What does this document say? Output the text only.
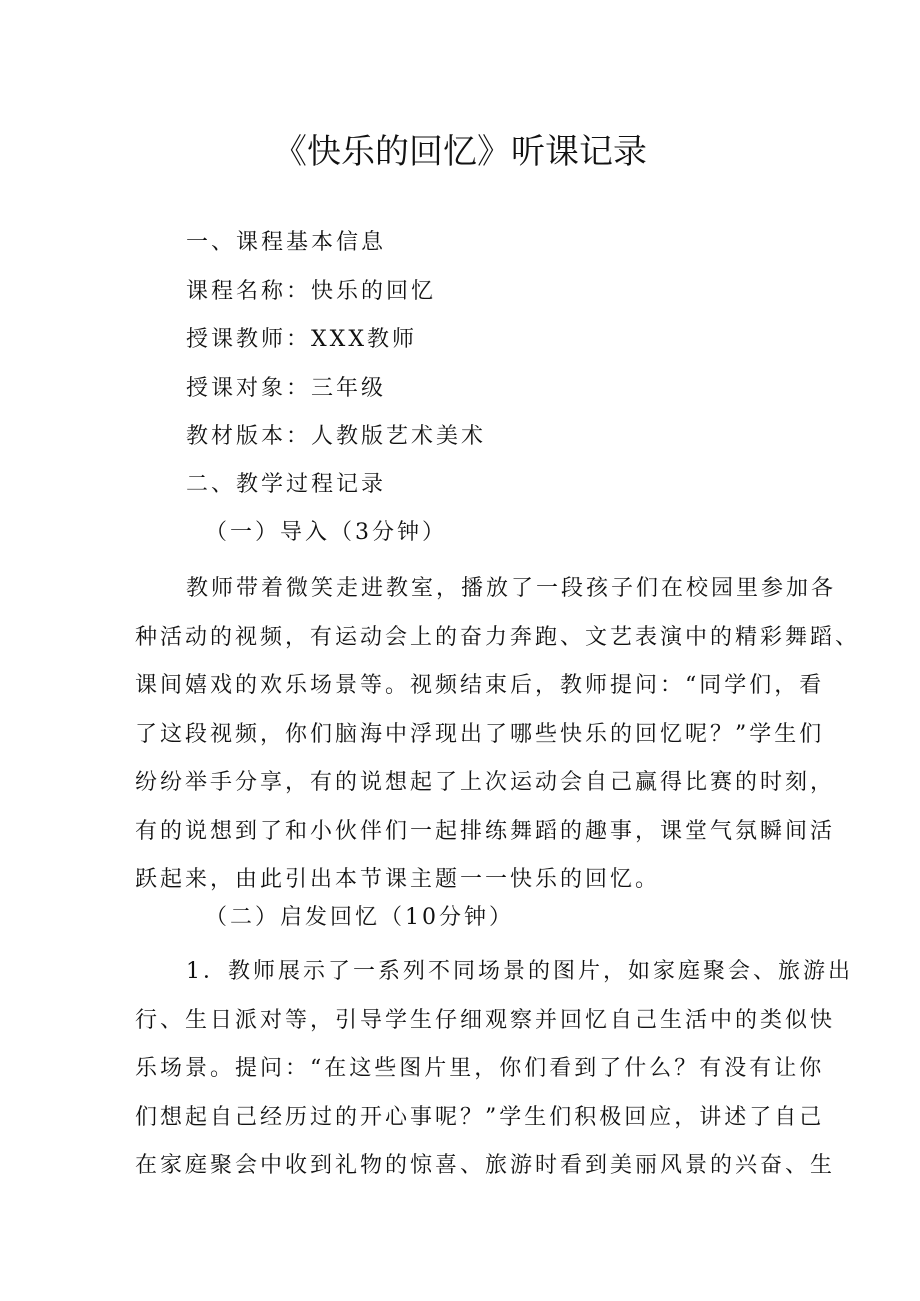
《快乐的回忆》听课记录

一、课程基本信息

课程名称：快乐的回忆

授课教师：XXX教师

授课对象：三年级

教材版本：人教版艺术美术

二、教学过程记录

（一）导入（3分钟）

教师带着微笑走进教室，播放了一段孩子们在校园里参加各
种活动的视频，有运动会上的奋力奔跑、文艺表演中的精彩舞蹈、
课间嬉戏的欢乐场景等。视频结束后，教师提问：“同学们，看
了这段视频，你们脑海中浮现出了哪些快乐的回忆呢？”学生们
纷纷举手分享，有的说想起了上次运动会自己赢得比赛的时刻，
有的说想到了和小伙伴们一起排练舞蹈的趣事，课堂气氛瞬间活
跃起来，由此引出本节课主题一一快乐的回忆。

（二）启发回忆（10分钟）

1．教师展示了一系列不同场景的图片，如家庭聚会、旅游出
行、生日派对等，引导学生仔细观察并回忆自己生活中的类似快
乐场景。提问：“在这些图片里，你们看到了什么？有没有让你
们想起自己经历过的开心事呢？”学生们积极回应，讲述了自己
在家庭聚会中收到礼物的惊喜、旅游时看到美丽风景的兴奋、生
